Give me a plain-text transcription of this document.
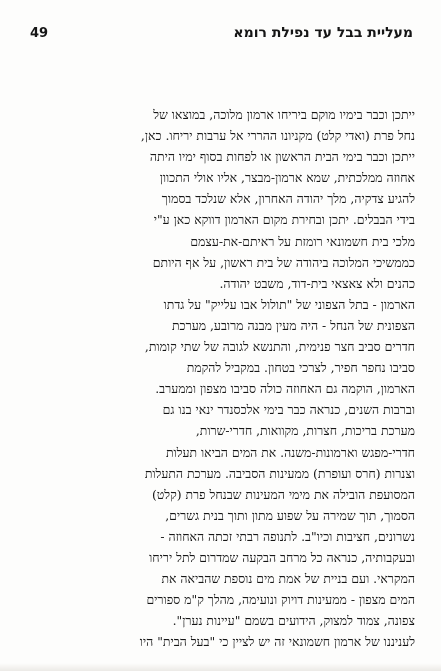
49	מעליית בבל עד נפילת רומא
ייתכן וכבר בימיו מוקם ביריחו ארמון מלוכה, במוצאו של
נחל פרת (ואדי קלט) מקניונו ההררי אל ערבות יריחו. כאן,
ייתכן וכבר בימי הבית הראשון או לפחות בסוף ימיו היתה
אחוזה ממלכתית, שמא ארמון-מבצר, אליו אולי התכוון
להגיע צדקיה, מלך יהודה האחרון, אלא שנלכד בסמוך
בידי הבבלים. יתכן ובחירת מקום הארמון דווקא כאן ע"י
מלכי בית חשמונאי רומזת על ראיתם-את-עצמם
כממשיכי המלוכה ביהודה של בית ראשון, על אף היותם
כהנים ולא צאצאי בית-דוד, משבט יהודה.
הארמון - בתל הצפוני של "תולול אבו עלייק" על גדתו
הצפונית של הנחל - היה מעין מבנה מרובע, מערכת
חדרים סביב חצר פנימית, והתנשא לגובה של שתי קומות,
סביבו נחפר חפיר, לצרכי בטחון. במקביל להקמת
הארמון, הוקמה גם האחוזה כולה סביבו מצפון וממערב.
וברבות השנים, כנראה כבר בימי אלכסנדר ינאי בנו גם
מערכת בריכות, חצרות, מקוואות, חדרי-שרות,
חדרי-מפגש וארמונות-משנה. את המים הביאו תעלות
וצנרות (חרס ועופרת) ממעינות הסביבה. מערכת התעלות
המסועפת הובילה את מימי המעינות שבנחל פרת (קלט)
הסמוך, תוך שמירה על שפוע מתון ותוך בנית גשרים,
נשרונים, חציבות וכיו"ב. לתנופה רבתי זכתה האחוזה -
ובעקבותיה, כנראה כל מרחב הבקעה שמדרום לתל יריחו
המקראי. ועם בניית של אמת מים נוספת שהביאה את
המים מצפון - ממעינות דויוק ונועימה, מהלך ק"מ ספורים
צפונה, צמוד למצוק, הידועים בשמם "עיינות נערן".
לעניננו של ארמון חשמונאי זה יש לציין כי "בעל הבית" היו
